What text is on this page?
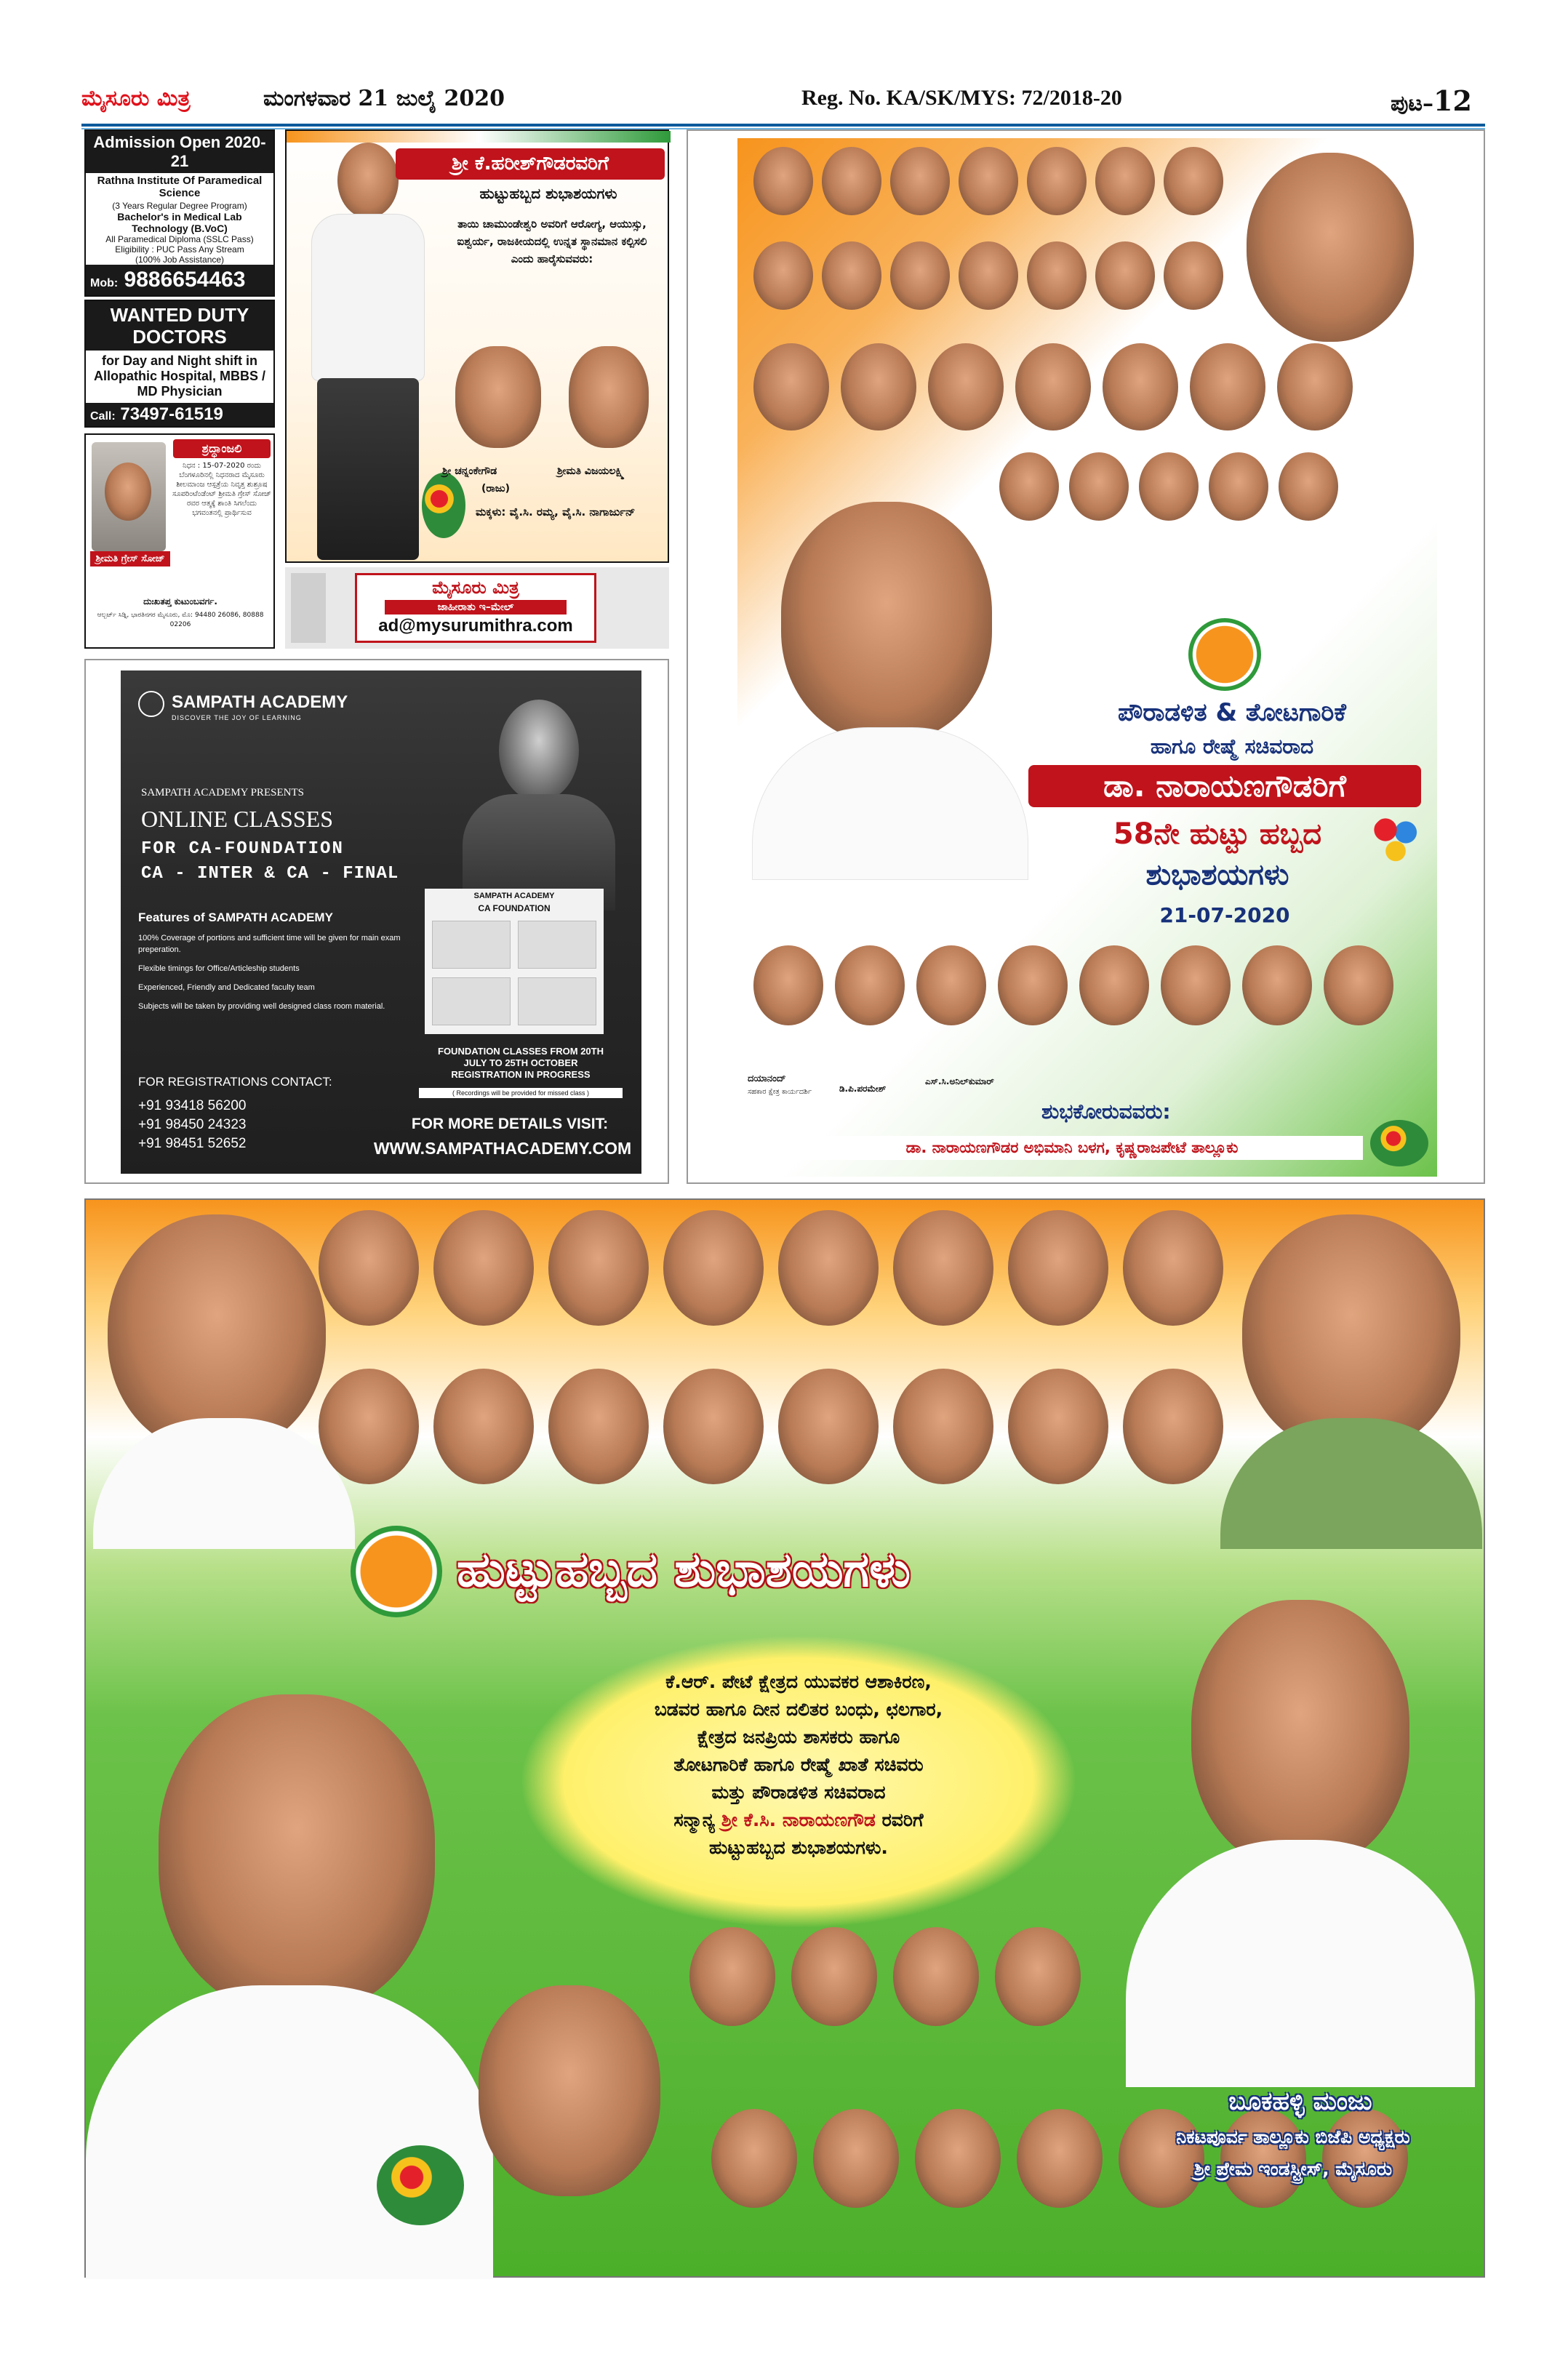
ಮೈಸೂರು ಮಿತ್ರ	ಮಂಗಳವಾರ 21 ಜುಲೈ 2020	Reg. No. KA/SK/MYS: 72/2018-20	ಪುಟ–12
Admission Open 2020-21
Rathna Institute Of Paramedical Science
(3 Years Regular Degree Program)
Bachelor's in Medical Lab Technology (B.VoC)
All Paramedical Diploma (SSLC Pass)
Eligibility : PUC Pass Any Stream
(100% Job Assistance)
Mob: 9886654463
WANTED DUTY DOCTORS
for Day and Night shift in Allopathic Hospital, MBBS / MD Physician
Call: 73497-61519
ಶ್ರೀಮತಿ ಗ್ರೇಸ್ ಸೋಜ್
ಶ್ರದ್ಧಾಂಜಲಿ
ನಿಧನ : 15-07-2020 ರಂದು ಬೆಂಗಳೂರಿನಲ್ಲಿ ನಿಧನರಾದ ಮೈಸೂರು ಶೀಲಮಾಂಜ ಆಸ್ಪತ್ರೆಯ ನಿವೃತ್ತ ಶುಶ್ರೂಷ ಸೂಪರಿಂಟೆಂಡೆಂಟ್ ಶ್ರೀಮತಿ ಗ್ರೇಸ್ ಸೋಜ್ ರವರ ಆತ್ಮಕ್ಕೆ ಶಾಂತಿ ಸಿಗಲೆಂದು ಭಗವಂತನಲ್ಲಿ ಪ್ರಾರ್ಥಿಸುವ
ದುಃಖತಪ್ತ ಕುಟುಂಬವರ್ಗ.
ಆಲ್ಬರ್ಟ್ ಸಿಡ್ನಿ, ಭಾರತಿನಗರ ಮೈಸೂರು, ಮೊ: 94480 26086, 80888 02206
ಶ್ರೀ ಕೆ.ಹರೀಶ್‌ಗೌಡರವರಿಗೆ
ಹುಟ್ಟುಹಬ್ಬದ ಶುಭಾಶಯಗಳು
ತಾಯಿ ಚಾಮುಂಡೇಶ್ವರಿ ಅವರಿಗೆ ಆರೋಗ್ಯ, ಆಯುಸ್ಸು, ಐಶ್ವರ್ಯ, ರಾಜಕೀಯದಲ್ಲಿ ಉನ್ನತ ಸ್ಥಾನಮಾನ ಕಲ್ಪಿಸಲಿ ಎಂದು ಹಾರೈಸುವವರು:
ಶ್ರೀ ಚನ್ನಂಕೇಗೌಡ
(ರಾಜು)
ಶ್ರೀಮತಿ ವಿಜಯಲಕ್ಷ್ಮಿ
ಮಕ್ಕಳು: ವೈ.ಸಿ. ರಮ್ಯ, ವೈ.ಸಿ. ನಾಗಾರ್ಜುನ್
ಮೈಸೂರು ಮಿತ್ರ
ಜಾಹೀರಾತು ಇ–ಮೇಲ್
ad@mysurumithra.com
SAMPATH ACADEMY
DISCOVER THE JOY OF LEARNING
SAMPATH ACADEMY PRESENTS
ONLINE CLASSES
FOR CA-FOUNDATION
CA - INTER & CA - FINAL
Features of SAMPATH ACADEMY
100% Coverage of portions and sufficient time will be given for main exam preperation.
Flexible timings for Office/Articleship students
Experienced, Friendly and Dedicated faculty team
Subjects will be taken by providing well designed class room material.
FOR REGISTRATIONS CONTACT:
+91 93418 56200
+91 98450 24323
+91 98451 52652
SAMPATH ACADEMY
CA FOUNDATION
FOUNDATION CLASSES FROM 20TH JULY TO 25TH OCTOBER REGISTRATION IN PROGRESS
( Recordings will be provided for missed class )
FOR MORE DETAILS VISIT:
WWW.SAMPATHACADEMY.COM
ಪೌರಾಡಳಿತ & ತೋಟಗಾರಿಕೆ
ಹಾಗೂ ರೇಷ್ಮೆ ಸಚಿವರಾದ
ಡಾ. ನಾರಾಯಣಗೌಡರಿಗೆ
58ನೇ ಹುಟ್ಟು ಹಬ್ಬದ
ಶುಭಾಶಯಗಳು
21-07-2020
ದಯಾನಂದ್
ಸಹಕಾರ ಕ್ಷೇತ್ರ ಕಾರ್ಯದರ್ಶಿ	ಡಿ.ಪಿ.ಪರಮೇಶ್
ಎಸ್.ಸಿ.ಅನಿಲ್‌ಕುಮಾರ್
ಶುಭಕೋರುವವರು:
ಡಾ. ನಾರಾಯಣಗೌಡರ ಅಭಿಮಾನಿ ಬಳಗ, ಕೃಷ್ಣರಾಜಪೇಟೆ ತಾಲ್ಲೂಕು
ಹುಟ್ಟುಹಬ್ಬದ ಶುಭಾಶಯಗಳು
ಕೆ.ಆರ್. ಪೇಟೆ ಕ್ಷೇತ್ರದ ಯುವಕರ ಆಶಾಕಿರಣ,
ಬಡವರ ಹಾಗೂ ದೀನ ದಲಿತರ ಬಂಧು, ಛಲಗಾರ,
ಕ್ಷೇತ್ರದ ಜನಪ್ರಿಯ ಶಾಸಕರು ಹಾಗೂ
ತೋಟಗಾರಿಕೆ ಹಾಗೂ ರೇಷ್ಮೆ ಖಾತೆ ಸಚಿವರು
ಮತ್ತು ಪೌರಾಡಳಿತ ಸಚಿವರಾದ
ಸನ್ಮಾನ್ಯ ಶ್ರೀ ಕೆ.ಸಿ. ನಾರಾಯಣಗೌಡ ರವರಿಗೆ
ಹುಟ್ಟುಹಬ್ಬದ ಶುಭಾಶಯಗಳು.
ಬೂಕಹಳ್ಳಿ ಮಂಜು
ನಿಕಟಪೂರ್ವ ತಾಲ್ಲೂಕು ಬಿಜೆಪಿ ಅಧ್ಯಕ್ಷರು
ಶ್ರೀ ಪ್ರೇಮ ಇಂಡಸ್ಟ್ರೀಸ್, ಮೈಸೂರು
